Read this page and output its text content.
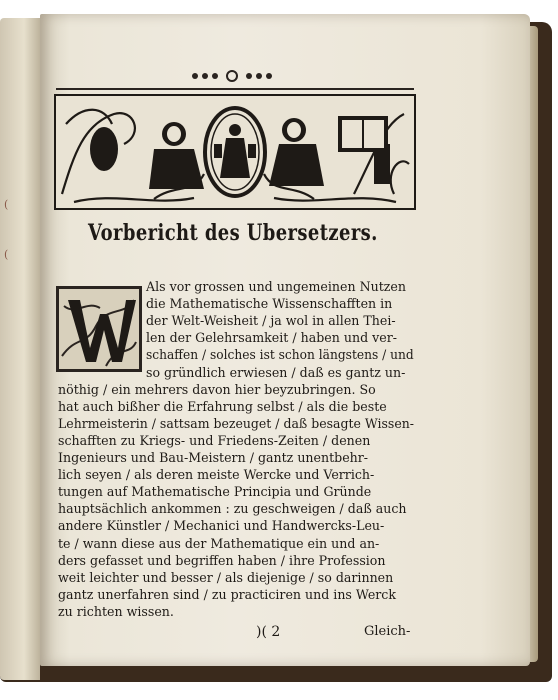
(
(
Vorbericht des Ubersetzers.
Als vor grossen und ungemeinen Nutzen
die Mathematische Wissenschafften in
der Welt-Weisheit / ja wol in allen Thei-
len der Gelehrsamkeit / haben und ver-
schaffen / solches ist schon längstens / und
so gründlich erwiesen / daß es gantz un-
nöthig / ein mehrers davon hier beyzubringen. So
hat auch bißher die Erfahrung selbst / als die beste
Lehrmeisterin / sattsam bezeuget / daß besagte Wissen-
schafften zu Kriegs- und Friedens-Zeiten / denen
Ingenieurs und Bau-Meistern / gantz unentbehr-
lich seyen / als deren meiste Wercke und Verrich-
tungen auf Mathematische Principia und Gründe
hauptsächlich ankommen : zu geschweigen / daß auch
andere Künstler / Mechanici und Handwercks-Leu-
te / wann diese aus der Mathematique ein und an-
ders gefasset und begriffen haben / ihre Profession
weit leichter und besser / als diejenige / so darinnen
gantz unerfahren sind / zu practiciren und ins Werck
zu richten wissen.
)( 2	Gleich-
